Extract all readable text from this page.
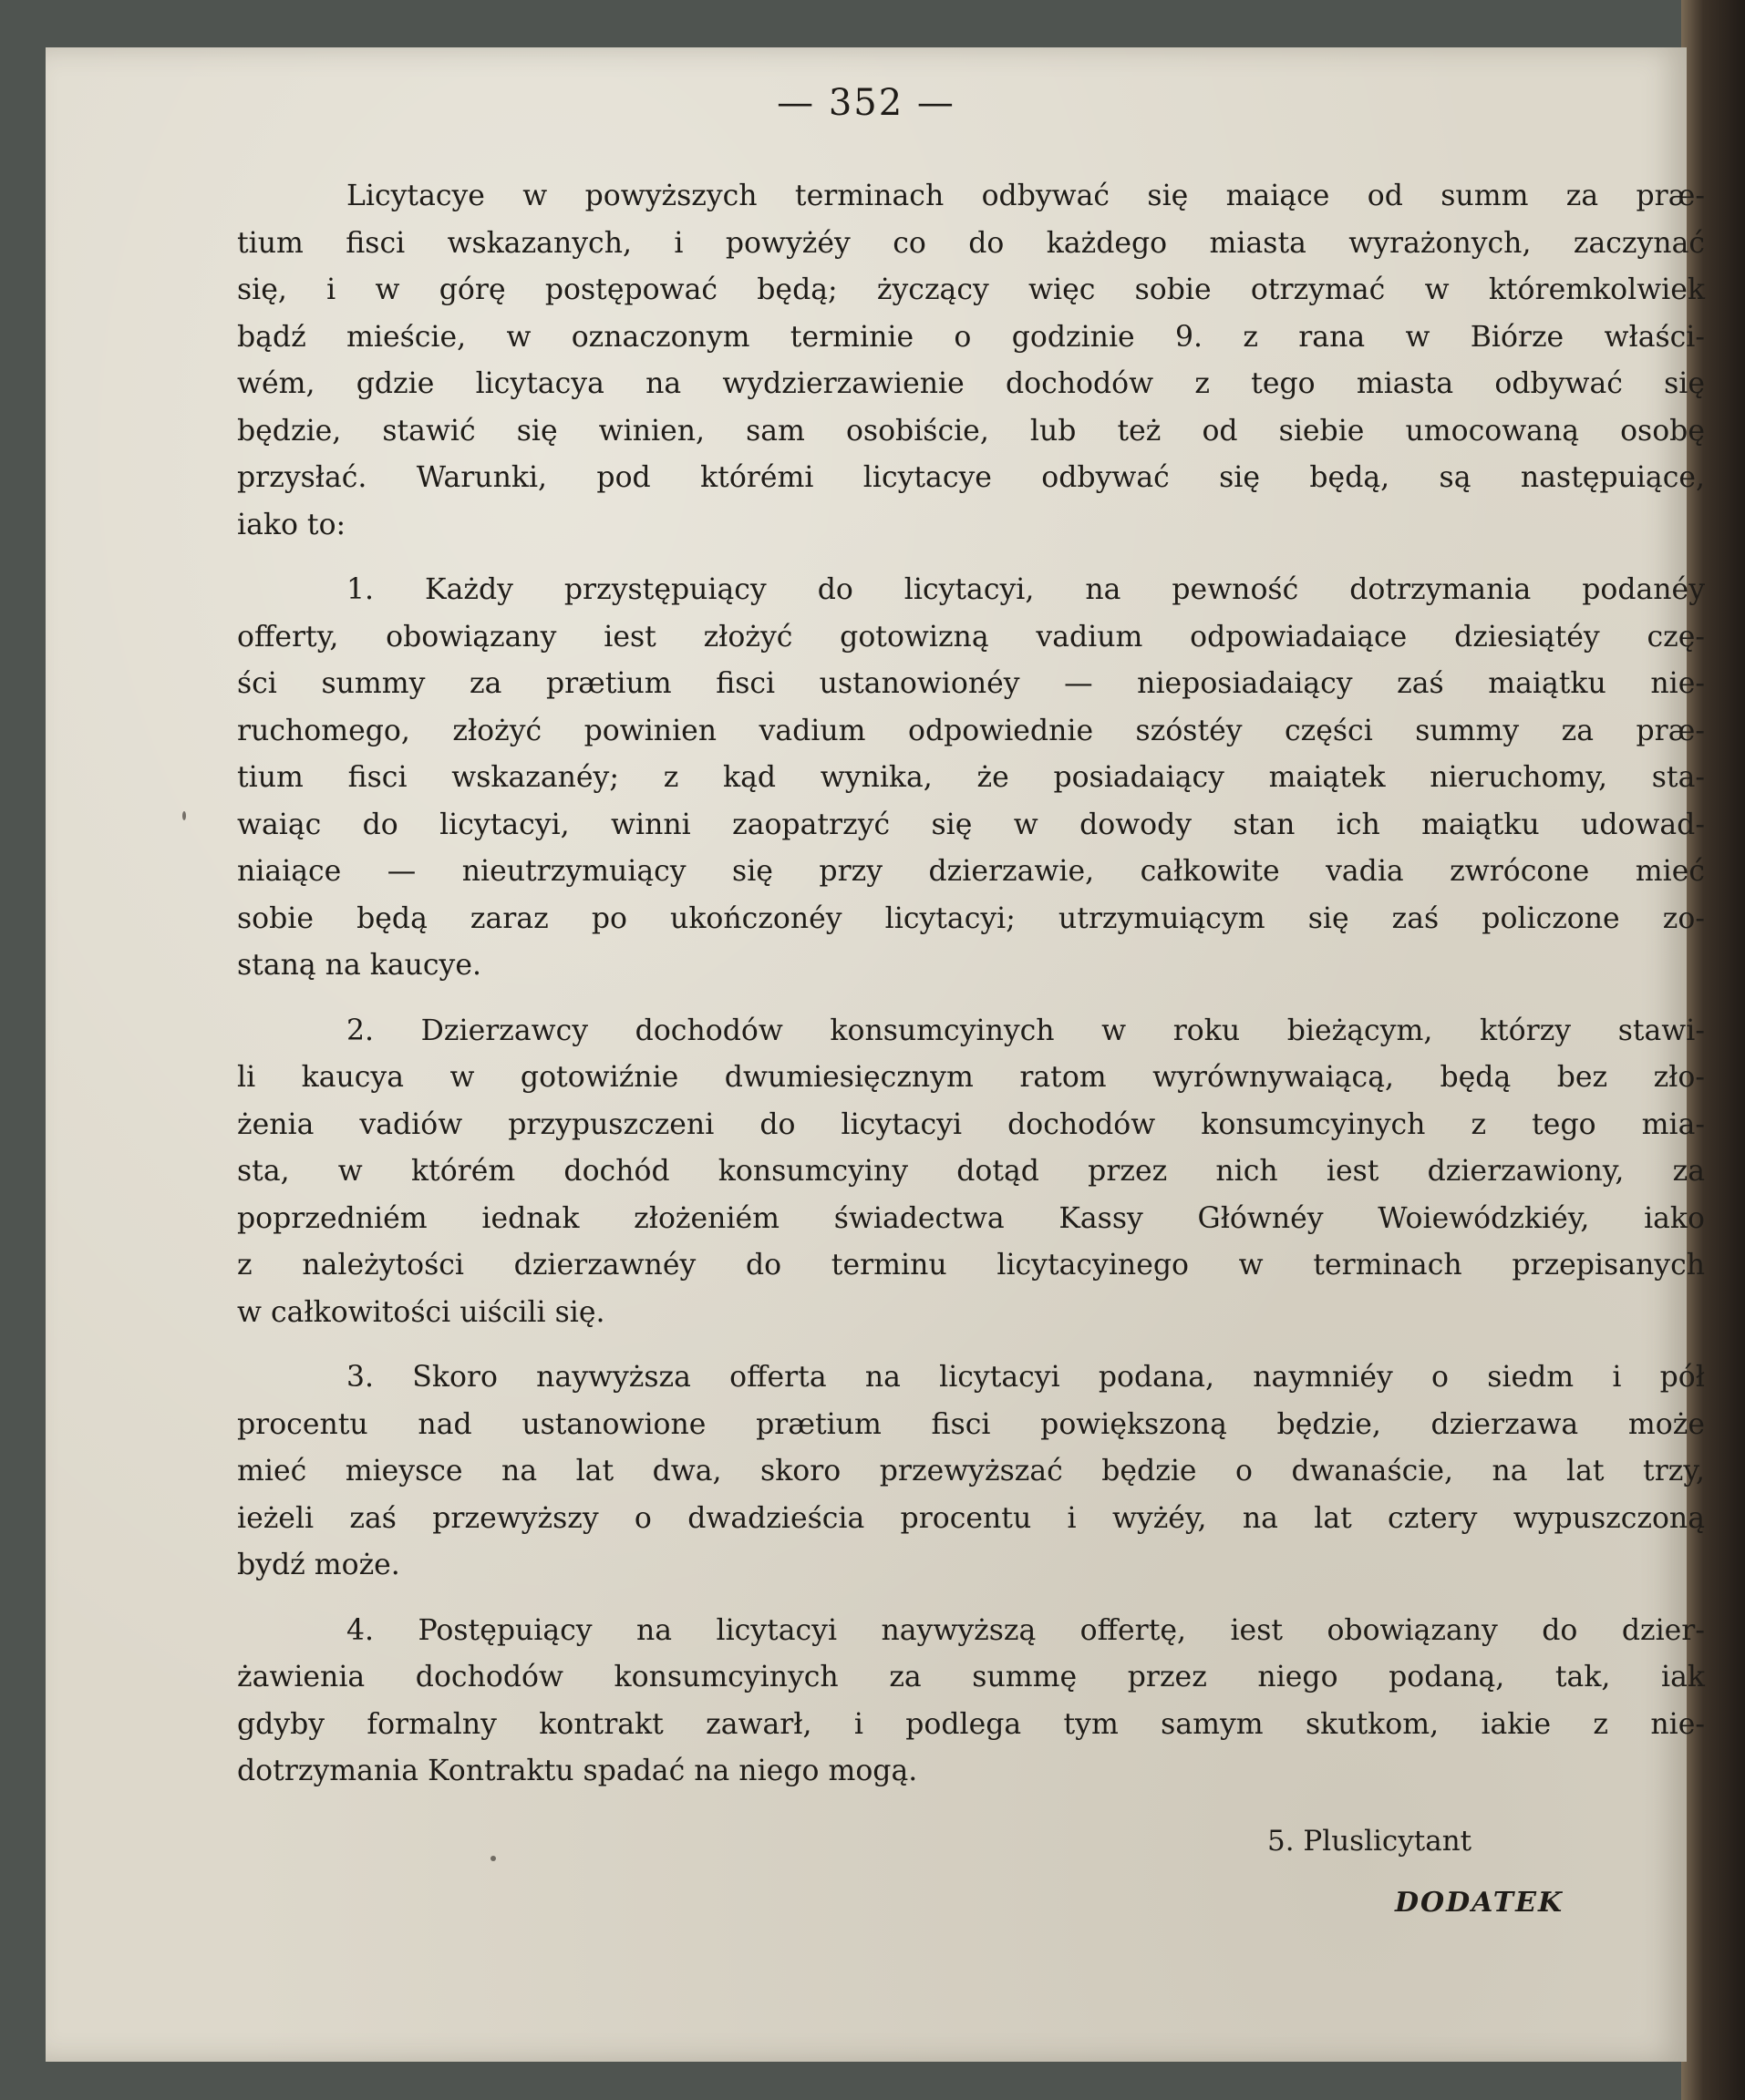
— 352 —

Licytacye w powyższych terminach odbywać się maiące od summ za præ-
tium fisci wskazanych, i powyżéy co do każdego miasta wyrażonych, zaczynać
się, i w górę postępować będą; życzący więc sobie otrzymać w któremkolwiek
bądź mieście, w oznaczonym terminie o godzinie 9. z rana w Biórze właści-
wém, gdzie licytacya na wydzierzawienie dochodów z tego miasta odbywać się
będzie, stawić się winien, sam osobiście, lub też od siebie umocowaną osobę
przysłać. Warunki, pod którémi licytacye odbywać się będą, są następuiące,
iako to:

1. Każdy przystępuiący do licytacyi, na pewność dotrzymania podanéy
offerty, obowiązany iest złożyć gotowizną vadium odpowiadaiące dziesiątéy czę-
ści summy za prætium fisci ustanowionéy — nieposiadaiący zaś maiątku nie-
ruchomego, złożyć powinien vadium odpowiednie szóstéy części summy za præ-
tium fisci wskazanéy; z kąd wynika, że posiadaiący maiątek nieruchomy, sta-
waiąc do licytacyi, winni zaopatrzyć się w dowody stan ich maiątku udowad-
niaiące — nieutrzymuiący się przy dzierzawie, całkowite vadia zwrócone mieć
sobie będą zaraz po ukończonéy licytacyi; utrzymuiącym się zaś policzone zo-
staną na kaucye.

2. Dzierzawcy dochodów konsumcyinych w roku bieżącym, którzy stawi-
li kaucya w gotowiźnie dwumiesięcznym ratom wyrównywaiącą, będą bez zło-
żenia vadiów przypuszczeni do licytacyi dochodów konsumcyinych z tego mia-
sta, w którém dochód konsumcyiny dotąd przez nich iest dzierzawiony, za
poprzedniém iednak złożeniém świadectwa Kassy Głównéy Woiewódzkiéy, iako
z należytości dzierzawnéy do terminu licytacyinego w terminach przepisanych
w całkowitości uiścili się.

3. Skoro naywyższa offerta na licytacyi podana, naymniéy o siedm i pół
procentu nad ustanowione prætium fisci powiększoną będzie, dzierzawa może
mieć mieysce na lat dwa, skoro przewyższać będzie o dwanaście, na lat trzy,
ieżeli zaś przewyższy o dwadzieścia procentu i wyżéy, na lat cztery wypuszczoną
bydź może.

4. Postępuiący na licytacyi naywyższą offertę, iest obowiązany do dzier-
żawienia dochodów konsumcyinych za summę przez niego podaną, tak, iak
gdyby formalny kontrakt zawarł, i podlega tym samym skutkom, iakie z nie-
dotrzymania Kontraktu spadać na niego mogą.

5. Pluslicytant
DODATEK
